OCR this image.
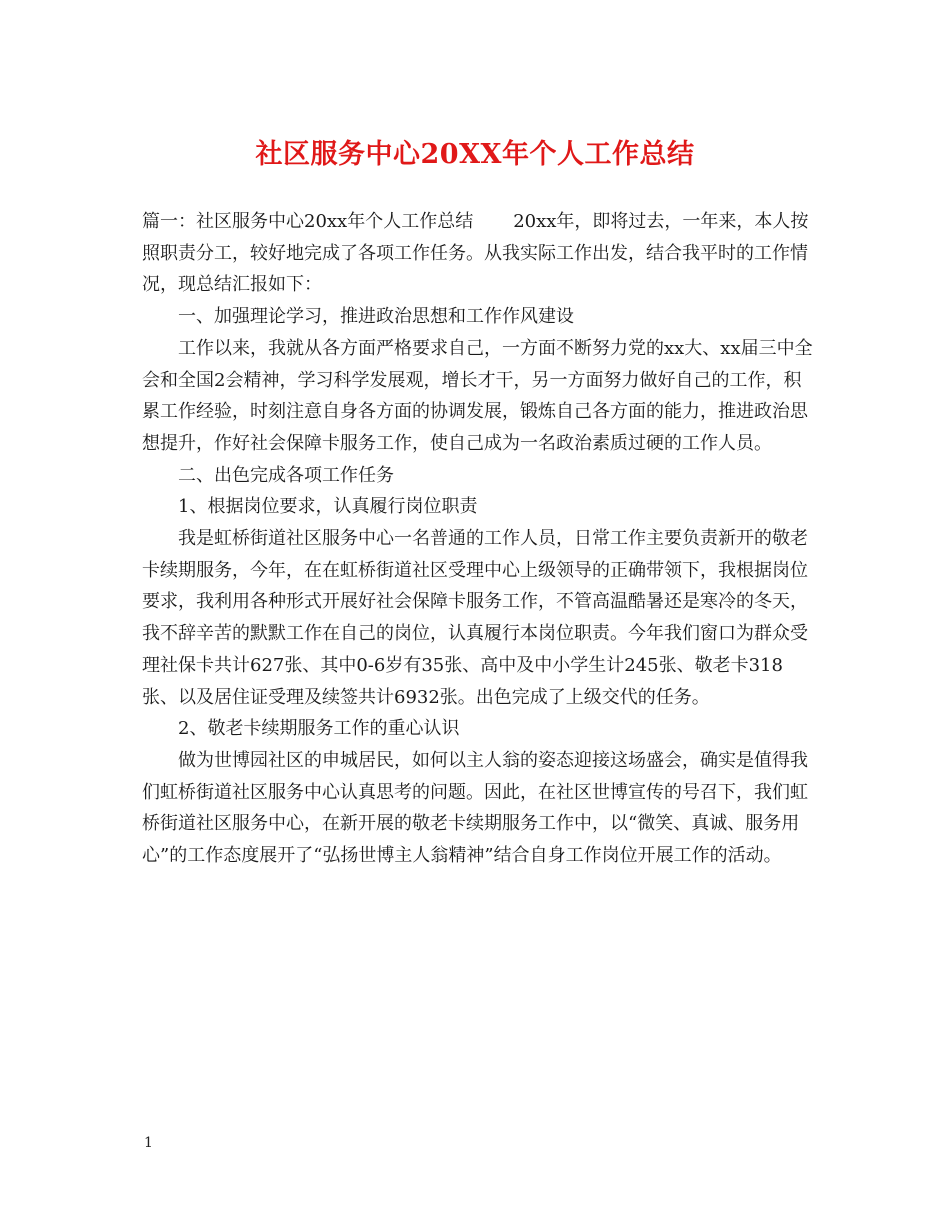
社区服务中心20XX年个人工作总结

篇一：社区服务中心20xx年个人工作总结 20xx年，即将过去，一年来，本人按照职责分工，较好地完成了各项工作任务。从我实际工作出发，结合我平时的工作情况，现总结汇报如下：

一、加强理论学习，推进政治思想和工作作风建设

工作以来，我就从各方面严格要求自己，一方面不断努力党的xx大、xx届三中全会和全国2会精神，学习科学发展观，增长才干，另一方面努力做好自己的工作，积累工作经验，时刻注意自身各方面的协调发展，锻炼自己各方面的能力，推进政治思想提升，作好社会保障卡服务工作，使自己成为一名政治素质过硬的工作人员。

二、出色完成各项工作任务

1、根据岗位要求，认真履行岗位职责

我是虹桥街道社区服务中心一名普通的工作人员，日常工作主要负责新开的敬老卡续期服务，今年，在在虹桥街道社区受理中心上级领导的正确带领下，我根据岗位要求，我利用各种形式开展好社会保障卡服务工作，不管高温酷暑还是寒冷的冬天，我不辞辛苦的默默工作在自己的岗位，认真履行本岗位职责。今年我们窗口为群众受理社保卡共计627张、其中0-6岁有35张、高中及中小学生计245张、敬老卡318张、以及居住证受理及续签共计6932张。出色完成了上级交代的任务。

2、敬老卡续期服务工作的重心认识

做为世博园社区的申城居民，如何以主人翁的姿态迎接这场盛会，确实是值得我们虹桥街道社区服务中心认真思考的问题。因此，在社区世博宣传的号召下，我们虹桥街道社区服务中心，在新开展的敬老卡续期服务工作中，以“微笑、真诚、服务用心”的工作态度展开了“弘扬世博主人翁精神”结合自身工作岗位开展工作的活动。

1
